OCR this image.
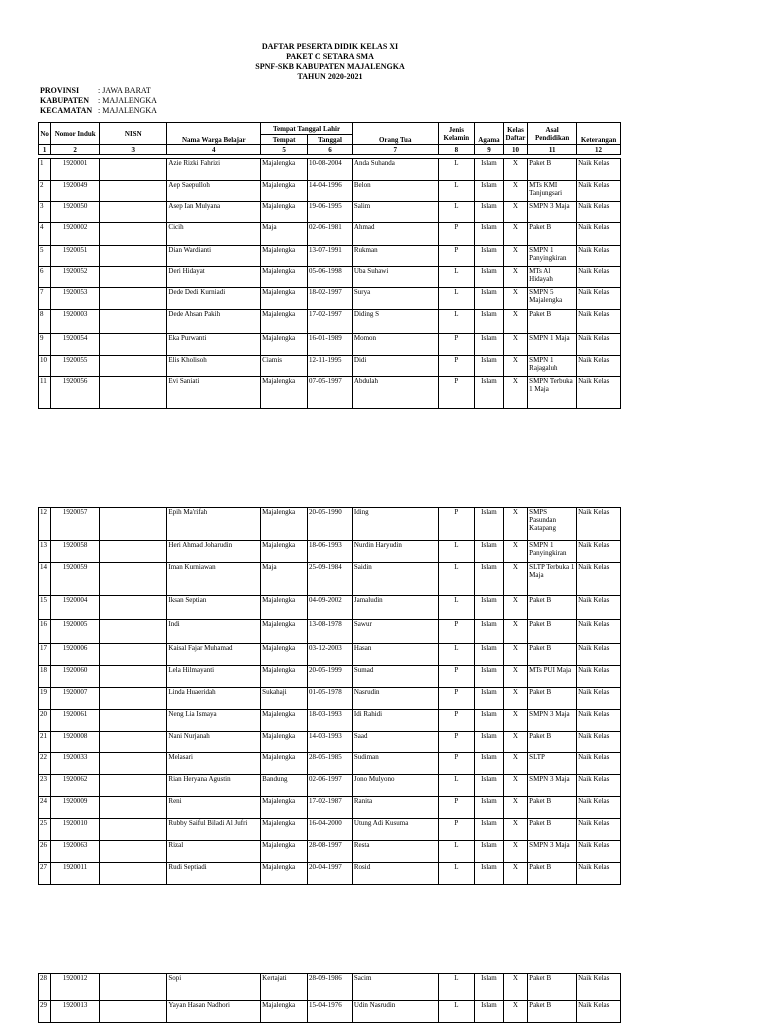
DAFTAR PESERTA DIDIK KELAS XI
PAKET C SETARA SMA
SPNF-SKB KABUPATEN MAJALENGKA
TAHUN 2020-2021
PROVINSI	: JAWA BARAT
KABUPATEN	: MAJALENGKA
KECAMATAN : MAJALENGKA
No	Nomor Induk	NISN	Nama Warga Belajar	Tempat Tanggal Lahir		Orang Tua	Jenis Kelamin	Agama	Kelas Daftar	Asal Pendidikan	Keterangan
				Tempat	Tanggal						
1	2	3	4	5	6	7	8	9	10	11	12
1	1920001		Azie Rizki Fahrizi	Majalengka	10-08-2004	Anda Suhanda	L	Islam	X	Paket B	Naik Kelas
2	1920049		Aep Saepulloh	Majalengka	14-04-1996	Belon	L	Islam	X	MTs KMI Tanjungsari	Naik Kelas
3	1920050		Asep Ian Mulyana	Majalengka	19-06-1995	Salim	L	Islam	X	SMPN 3 Maja	Naik Kelas
4	1920002		Cicih	Maja	02-06-1981	Ahmad	P	Islam	X	Paket B	Naik Kelas
5	1920051		Dian Wardianti	Majalengka	13-07-1991	Rukman	P	Islam	X	SMPN 1 Panyingkiran	Naik Kelas
6	1920052		Deri Hidayat	Majalengka	05-06-1998	Uba Suhawi	L	Islam	X	MTs Al Hidayah	Naik Kelas
7	1920053		Dede Dedi Kurniadi	Majalengka	18-02-1997	Surya	L	Islam	X	SMPN 5 Majalengka	Naik Kelas
8	1920003		Dede Ahsan Pakih	Majalengka	17-02-1997	Diding S	L	Islam	X	Paket B	Naik Kelas
9	1920054		Eka Purwanti	Majalengka	16-01-1989	Momon	P	Islam	X	SMPN 1 Maja	Naik Kelas
10	1920055		Elis Kholisoh	Ciamis	12-11-1995	Didi	P	Islam	X	SMPN 1 Rajagaluh	Naik Kelas
11	1920056		Evi Saniati	Majalengka	07-05-1997	Abdulah	P	Islam	X	SMPN Terbuka 1 Maja	Naik Kelas
12	1920057		Epih Ma'rifah	Majalengka	20-05-1990	Iding	P	Islam	X	SMPS Pasundan Katapang	Naik Kelas
13	1920058		Heri Ahmad Joharudin	Majalengka	18-06-1993	Nurdin Haryudin	L	Islam	X	SMPN 1 Panyingkiran	Naik Kelas
14	1920059		Iman Kurniawan	Maja	25-09-1984	Saidin	L	Islam	X	SLTP Terbuka 1 Maja	Naik Kelas
15	1920004		Iksan Septian	Majalengka	04-09-2002	Jamaludin	L	Islam	X	Paket B	Naik Kelas
16	1920005		Indi	Majalengka	13-08-1978	Sawur	P	Islam	X	Paket B	Naik Kelas
17	1920006		Kaisal Fajar Muhamad	Majalengka	03-12-2003	Hasan	L	Islam	X	Paket B	Naik Kelas
18	1920060		Lela Hilmayanti	Majalengka	20-05-1999	Sumad	P	Islam	X	MTs PUI Maja	Naik Kelas
19	1920007		Linda Huaeridah	Sukahaji	01-05-1978	Nasrudin	P	Islam	X	Paket B	Naik Kelas
20	1920061		Neng Lia Ismaya	Majalengka	18-03-1993	Idi Rahidi	P	Islam	X	SMPN 3 Maja	Naik Kelas
21	1920008		Nani Nurjanah	Majalengka	14-03-1993	Saad	P	Islam	X	Paket B	Naik Kelas
22	1920033		Melasari	Majalengka	28-05-1985	Sudiman	P	Islam	X	SLTP	Naik Kelas
23	1920062		Rian Heryana Agustin	Bandung	02-06-1997	Jono Mulyono	L	Islam	X	SMPN 3 Maja	Naik Kelas
24	1920009		Reni	Majalengka	17-02-1987	Ranita	P	Islam	X	Paket B	Naik Kelas
25	1920010		Rubby Saiful Biladi Al Jufri	Majalengka	16-04-2000	Utung Adi Kusuma	P	Islam	X	Paket B	Naik Kelas
26	1920063		Rizal	Majalengka	28-08-1997	Resta	L	Islam	X	SMPN 3 Maja	Naik Kelas
27	1920011		Rudi Septiadi	Majalengka	20-04-1997	Rosid	L	Islam	X	Paket B	Naik Kelas
28	1920012		Sopi	Kertajati	28-09-1986	Sacim	L	Islam	X	Paket B	Naik Kelas
29	1920013		Yayan Hasan Nadhori	Majalengka	15-04-1976	Udin Nasrudin	L	Islam	X	Paket B	Naik Kelas
